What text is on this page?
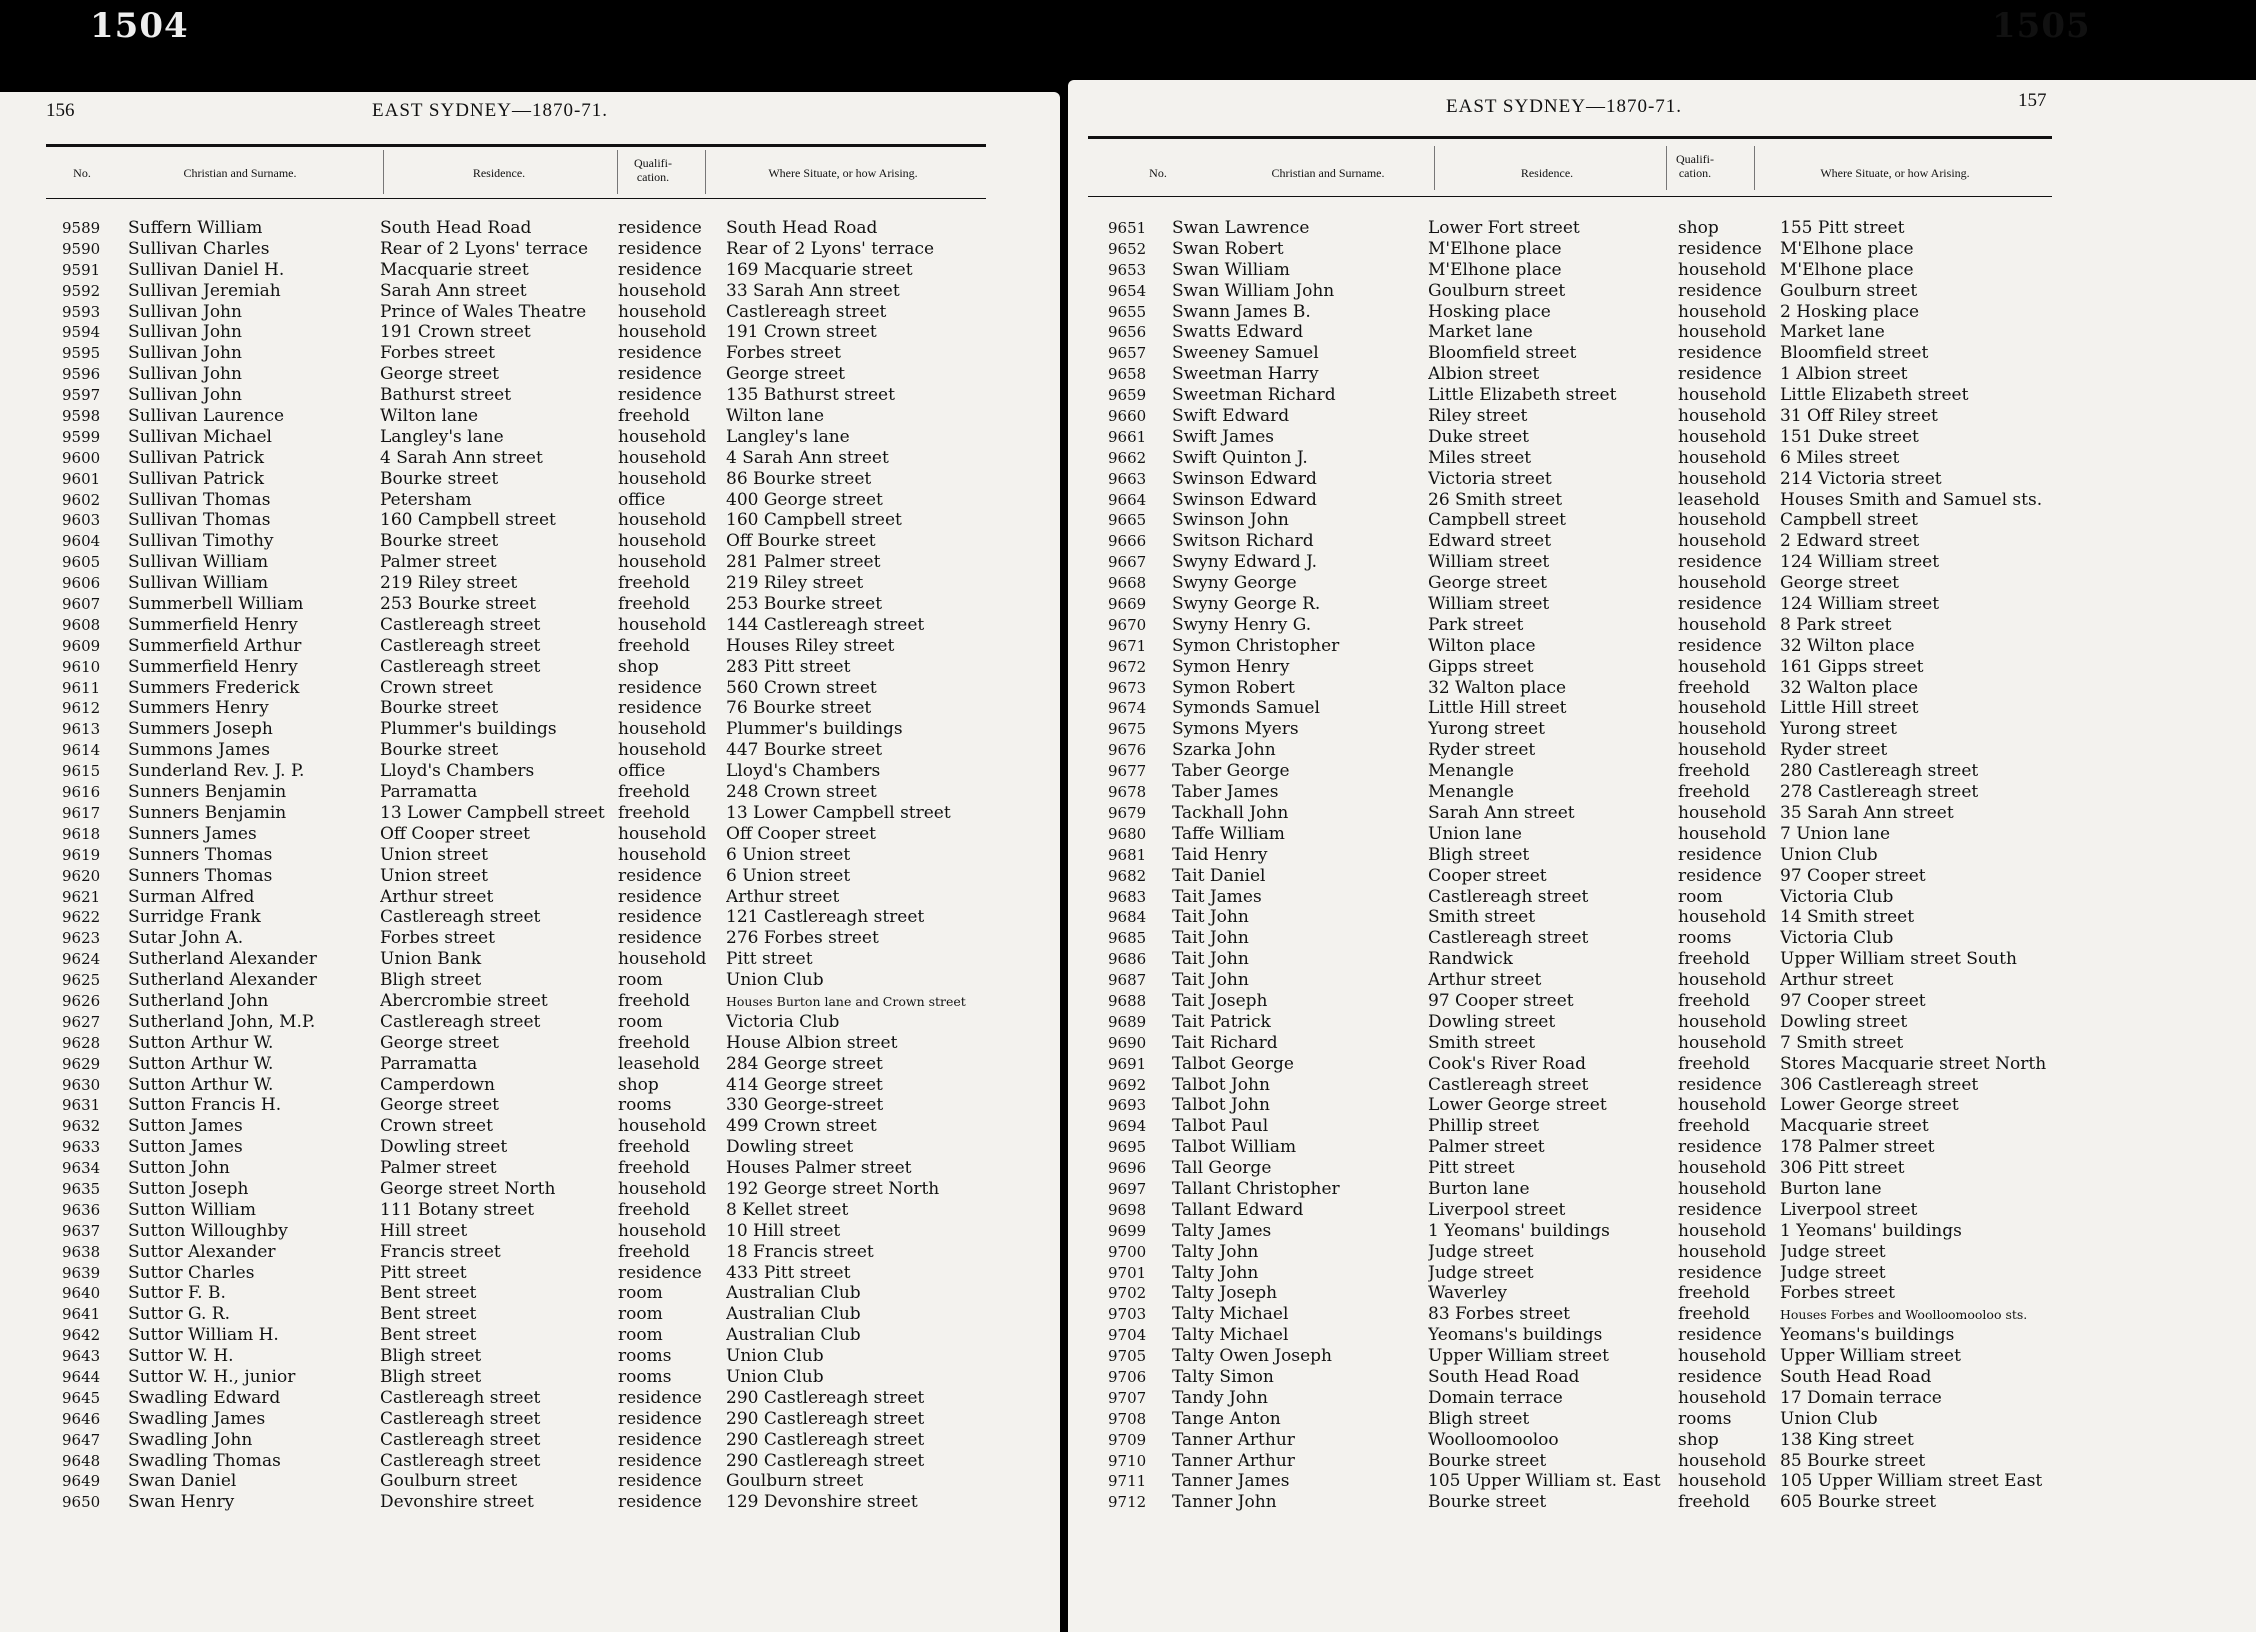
156	EAST SYDNEY—1870-71.
No.	Christian and Surname.	Residence.
Qualifi-
cation.	Where Situate, or how Arising.
9589	Suffern William	South Head Road	residence	South Head Road
9590	Sullivan Charles	Rear of 2 Lyons' terrace	residence	Rear of 2 Lyons' terrace
9591	Sullivan Daniel H.	Macquarie street	residence	169 Macquarie street
9592	Sullivan Jeremiah	Sarah Ann street	household	33 Sarah Ann street
9593	Sullivan John	Prince of Wales Theatre	household	Castlereagh street
9594	Sullivan John	191 Crown street	household	191 Crown street
9595	Sullivan John	Forbes street	residence	Forbes street
9596	Sullivan John	George street	residence	George street
9597	Sullivan John	Bathurst street	residence	135 Bathurst street
9598	Sullivan Laurence	Wilton lane	freehold	Wilton lane
9599	Sullivan Michael	Langley's lane	household	Langley's lane
9600	Sullivan Patrick	4 Sarah Ann street	household	4 Sarah Ann street
9601	Sullivan Patrick	Bourke street	household	86 Bourke street
9602	Sullivan Thomas	Petersham	office	400 George street
9603	Sullivan Thomas	160 Campbell street	household	160 Campbell street
9604	Sullivan Timothy	Bourke street	household	Off Bourke street
9605	Sullivan William	Palmer street	household	281 Palmer street
9606	Sullivan William	219 Riley street	freehold	219 Riley street
9607	Summerbell William	253 Bourke street	freehold	253 Bourke street
9608	Summerfield Henry	Castlereagh street	household	144 Castlereagh street
9609	Summerfield Arthur	Castlereagh street	freehold	Houses Riley street
9610	Summerfield Henry	Castlereagh street	shop	283 Pitt street
9611	Summers Frederick	Crown street	residence	560 Crown street
9612	Summers Henry	Bourke street	residence	76 Bourke street
9613	Summers Joseph	Plummer's buildings	household	Plummer's buildings
9614	Summons James	Bourke street	household	447 Bourke street
9615	Sunderland Rev. J. P.	Lloyd's Chambers	office	Lloyd's Chambers
9616	Sunners Benjamin	Parramatta	freehold	248 Crown street
9617	Sunners Benjamin	13 Lower Campbell street freehold	13 Lower Campbell street
9618	Sunners James	Off Cooper street	household	Off Cooper street
9619	Sunners Thomas	Union street	household	6 Union street
9620	Sunners Thomas	Union street	residence	6 Union street
9621	Surman Alfred	Arthur street	residence	Arthur street
9622	Surridge Frank	Castlereagh street	residence	121 Castlereagh street
9623	Sutar John A.	Forbes street	residence	276 Forbes street
9624	Sutherland Alexander	Union Bank	household	Pitt street
9625	Sutherland Alexander	Bligh street	room	Union Club
9626	Sutherland John	Abercrombie street	freehold	Houses Burton lane and Crown street
9627	Sutherland John, M.P.	Castlereagh street	room	Victoria Club
9628	Sutton Arthur W.	George street	freehold	House Albion street
9629	Sutton Arthur W.	Parramatta	leasehold	284 George street
9630	Sutton Arthur W.	Camperdown	shop	414 George street
9631	Sutton Francis H.	George street	rooms	330 George-street
9632	Sutton James	Crown street	household	499 Crown street
9633	Sutton James	Dowling street	freehold	Dowling street
9634	Sutton John	Palmer street	freehold	Houses Palmer street
9635	Sutton Joseph	George street North	household	192 George street North
9636	Sutton William	111 Botany street	freehold	8 Kellet street
9637	Sutton Willoughby	Hill street	household	10 Hill street
9638	Suttor Alexander	Francis street	freehold	18 Francis street
9639	Suttor Charles	Pitt street	residence	433 Pitt street
9640	Suttor F. B.	Bent street	room	Australian Club
9641	Suttor G. R.	Bent street	room	Australian Club
9642	Suttor William H.	Bent street	room	Australian Club
9643	Suttor W. H.	Bligh street	rooms	Union Club
9644	Suttor W. H., junior	Bligh street	rooms	Union Club
9645	Swadling Edward	Castlereagh street	residence	290 Castlereagh street
9646	Swadling James	Castlereagh street	residence	290 Castlereagh street
9647	Swadling John	Castlereagh street	residence	290 Castlereagh street
9648	Swadling Thomas	Castlereagh street	residence	290 Castlereagh street
9649	Swan Daniel	Goulburn street	residence	Goulburn street
9650	Swan Henry	Devonshire street	residence	129 Devonshire street
1504
EAST SYDNEY—1870-71.	157
No.	Christian and Surname.	Residence.
Qualifi-
cation.	Where Situate, or how Arising.
9651	Swan Lawrence	Lower Fort street	shop	155 Pitt street
9652	Swan Robert	M'Elhone place	residence	M'Elhone place
9653	Swan William	M'Elhone place	household M'Elhone place
9654	Swan William John	Goulburn street	residence	Goulburn street
9655	Swann James B.	Hosking place	household 2 Hosking place
9656	Swatts Edward	Market lane	household Market lane
9657	Sweeney Samuel	Bloomfield street	residence	Bloomfield street
9658	Sweetman Harry	Albion street	residence	1 Albion street
9659	Sweetman Richard	Little Elizabeth street	household Little Elizabeth street
9660	Swift Edward	Riley street	household 31 Off Riley street
9661	Swift James	Duke street	household 151 Duke street
9662	Swift Quinton J.	Miles street	household 6 Miles street
9663	Swinson Edward	Victoria street	household 214 Victoria street
9664	Swinson Edward	26 Smith street	leasehold	Houses Smith and Samuel sts.
9665	Swinson John	Campbell street	household Campbell street
9666	Switson Richard	Edward street	household 2 Edward street
9667	Swyny Edward J.	William street	residence	124 William street
9668	Swyny George	George street	household George street
9669	Swyny George R.	William street	residence	124 William street
9670	Swyny Henry G.	Park street	household 8 Park street
9671	Symon Christopher	Wilton place	residence	32 Wilton place
9672	Symon Henry	Gipps street	household 161 Gipps street
9673	Symon Robert	32 Walton place	freehold	32 Walton place
9674	Symonds Samuel	Little Hill street	household Little Hill street
9675	Symons Myers	Yurong street	household Yurong street
9676	Szarka John	Ryder street	household Ryder street
9677	Taber George	Menangle	freehold	280 Castlereagh street
9678	Taber James	Menangle	freehold	278 Castlereagh street
9679	Tackhall John	Sarah Ann street	household 35 Sarah Ann street
9680	Taffe William	Union lane	household 7 Union lane
9681	Taid Henry	Bligh street	residence	Union Club
9682	Tait Daniel	Cooper street	residence	97 Cooper street
9683	Tait James	Castlereagh street	room	Victoria Club
9684	Tait John	Smith street	household 14 Smith street
9685	Tait John	Castlereagh street	rooms	Victoria Club
9686	Tait John	Randwick	freehold	Upper William street South
9687	Tait John	Arthur street	household Arthur street
9688	Tait Joseph	97 Cooper street	freehold	97 Cooper street
9689	Tait Patrick	Dowling street	household Dowling street
9690	Tait Richard	Smith street	household 7 Smith street
9691	Talbot George	Cook's River Road	freehold	Stores Macquarie street North
9692	Talbot John	Castlereagh street	residence	306 Castlereagh street
9693	Talbot John	Lower George street	household Lower George street
9694	Talbot Paul	Phillip street	freehold	Macquarie street
9695	Talbot William	Palmer street	residence	178 Palmer street
9696	Tall George	Pitt street	household 306 Pitt street
9697	Tallant Christopher	Burton lane	household Burton lane
9698	Tallant Edward	Liverpool street	residence	Liverpool street
9699	Talty James	1 Yeomans' buildings	household 1 Yeomans' buildings
9700	Talty John	Judge street	household Judge street
9701	Talty John	Judge street	residence	Judge street
9702	Talty Joseph	Waverley	freehold	Forbes street
9703	Talty Michael	83 Forbes street	freehold	Houses Forbes and Woolloomooloo sts.
9704	Talty Michael	Yeomans's buildings	residence	Yeomans's buildings
9705	Talty Owen Joseph	Upper William street	household Upper William street
9706	Talty Simon	South Head Road	residence	South Head Road
9707	Tandy John	Domain terrace	household 17 Domain terrace
9708	Tange Anton	Bligh street	rooms	Union Club
9709	Tanner Arthur	Woolloomooloo	shop	138 King street
9710	Tanner Arthur	Bourke street	household 85 Bourke street
9711	Tanner James	105 Upper William st. East	household 105 Upper William street East
9712	Tanner John	Bourke street	freehold	605 Bourke street
1505
